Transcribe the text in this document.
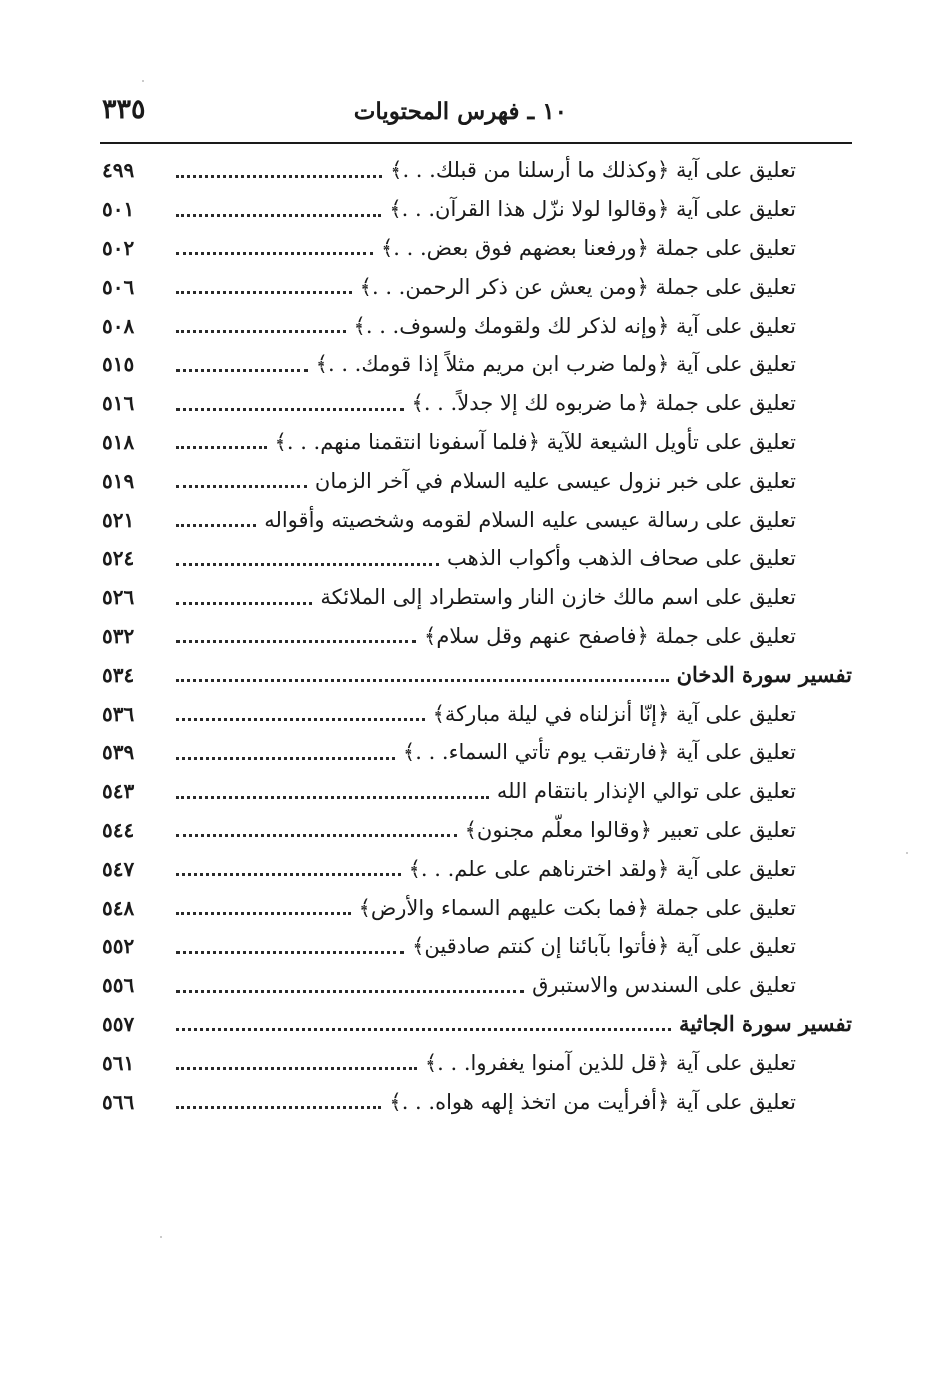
١٠ ـ فهرس المحتويات
٣٣٥
تعليق على آية ﴿وكذلك ما أرسلنا من قبلك. . .﴾
٤٩٩
تعليق على آية ﴿وقالوا لولا نزّل هذا القرآن. . .﴾
٥٠١
تعليق على جملة ﴿ورفعنا بعضهم فوق بعض. . .﴾
٥٠٢
تعليق على جملة ﴿ومن يعش عن ذكر الرحمن. . .﴾
٥٠٦
تعليق على آية ﴿وإنه لذكر لك ولقومك ولسوف. . .﴾
٥٠٨
تعليق على آية ﴿ولما ضرب ابن مريم مثلاً إذا قومك. . .﴾
٥١٥
تعليق على جملة ﴿ما ضربوه لك إلا جدلاً. . .﴾
٥١٦
تعليق على تأويل الشيعة للآية ﴿فلما آسفونا انتقمنا منهم. . .﴾
٥١٨
تعليق على خبر نزول عيسى عليه السلام في آخر الزمان
٥١٩
تعليق على رسالة عيسى عليه السلام لقومه وشخصيته وأقواله
٥٢١
تعليق على صحاف الذهب وأكواب الذهب
٥٢٤
تعليق على اسم مالك خازن النار واستطراد إلى الملائكة
٥٢٦
تعليق على جملة ﴿فاصفح عنهم وقل سلام﴾
٥٣٢
تفسير سورة الدخان
٥٣٤
تعليق على آية ﴿إنّا أنزلناه في ليلة مباركة﴾
٥٣٦
تعليق على آية ﴿فارتقب يوم تأتي السماء. . .﴾
٥٣٩
تعليق على توالي الإنذار بانتقام الله
٥٤٣
تعليق على تعبير ﴿وقالوا معلّم مجنون﴾
٥٤٤
تعليق على آية ﴿ولقد اخترناهم على علم. . .﴾
٥٤٧
تعليق على جملة ﴿فما بكت عليهم السماء والأرض﴾
٥٤٨
تعليق على آية ﴿فأتوا بآبائنا إن كنتم صادقين﴾
٥٥٢
تعليق على السندس والاستبرق
٥٥٦
تفسير سورة الجاثية
٥٥٧
تعليق على آية ﴿قل للذين آمنوا يغفروا. . .﴾
٥٦١
تعليق على آية ﴿أفرأيت من اتخذ إلهه هواه. . .﴾
٥٦٦
